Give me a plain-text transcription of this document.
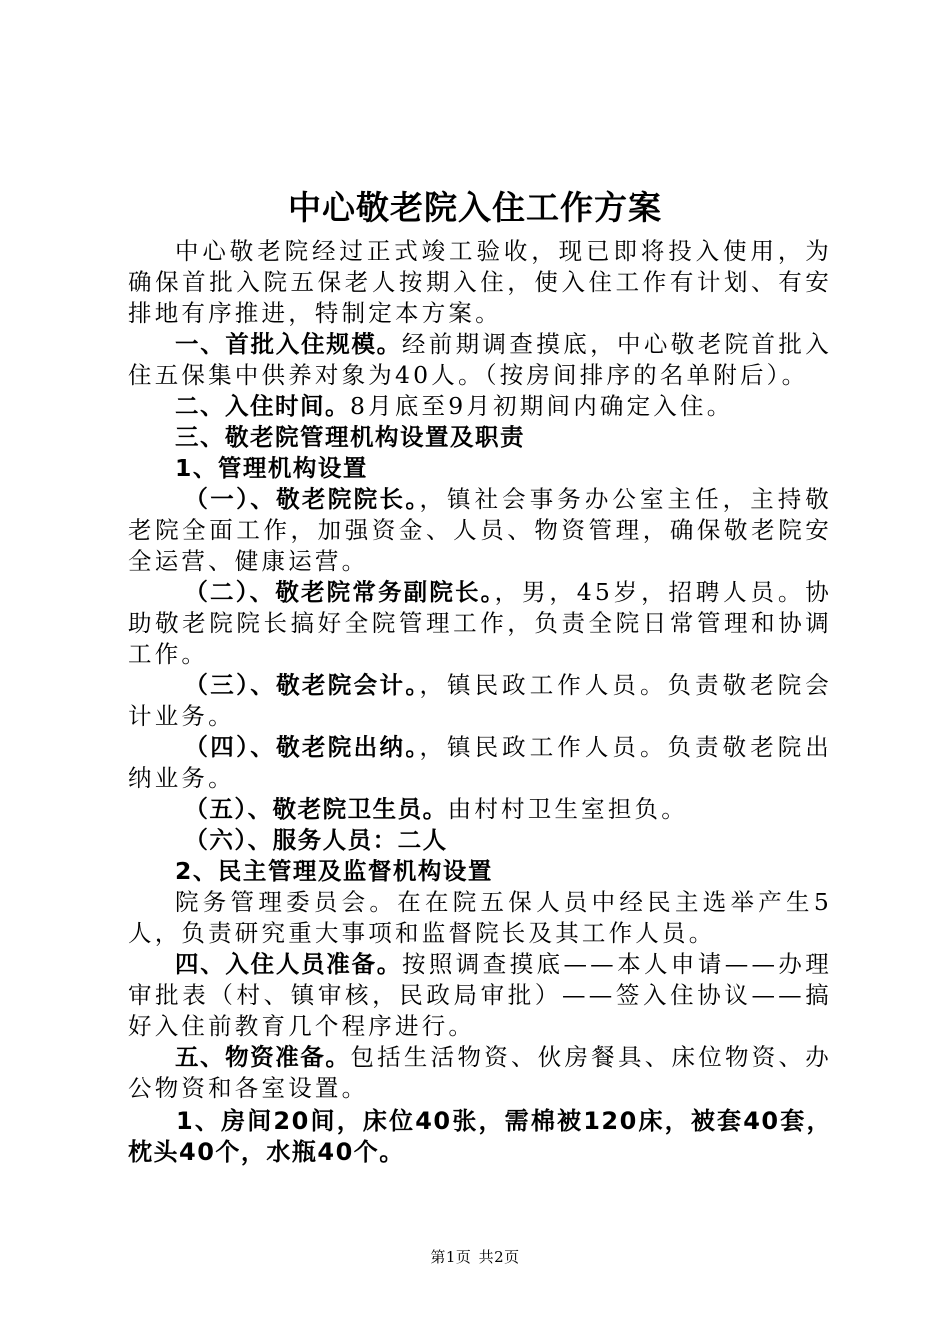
中心敬老院入住工作方案

中心敬老院经过正式竣工验收，现已即将投入使用，为确保首批入院五保老人按期入住，使入住工作有计划、有安排地有序推进，特制定本方案。

一、首批入住规模。经前期调查摸底，中心敬老院首批入住五保集中供养对象为40人。（按房间排序的名单附后）。

二、入住时间。8月底至9月初期间内确定入住。

三、敬老院管理机构设置及职责

1、管理机构设置

（一）、敬老院院长。，镇社会事务办公室主任，主持敬老院全面工作，加强资金、人员、物资管理，确保敬老院安全运营、健康运营。

（二）、敬老院常务副院长。，男，45岁，招聘人员。协助敬老院院长搞好全院管理工作，负责全院日常管理和协调工作。

（三）、敬老院会计。，镇民政工作人员。负责敬老院会计业务。

（四）、敬老院出纳。，镇民政工作人员。负责敬老院出纳业务。

（五）、敬老院卫生员。由村村卫生室担负。

（六）、服务人员：二人

2、民主管理及监督机构设置

院务管理委员会。在在院五保人员中经民主选举产生5人，负责研究重大事项和监督院长及其工作人员。

四、入住人员准备。按照调查摸底——本人申请——办理审批表（村、镇审核，民政局审批）——签入住协议——搞好入住前教育几个程序进行。

五、物资准备。包括生活物资、伙房餐具、床位物资、办公物资和各室设置。

1、房间20间，床位40张，需棉被120床，被套40套，枕头40个，水瓶40个。

第1页 共2页
